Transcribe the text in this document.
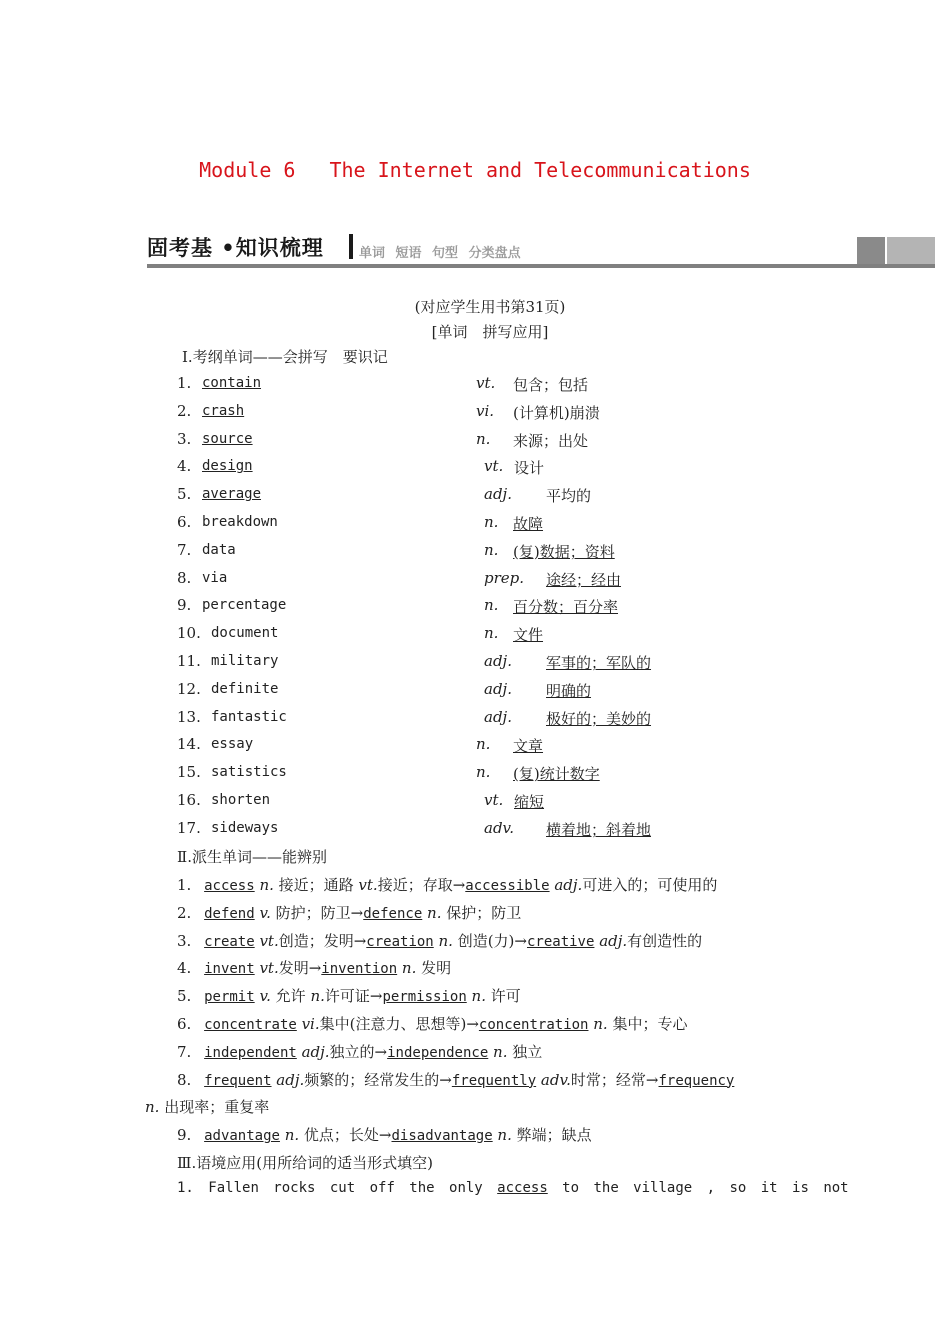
Module 6 The Internet and Telecommunications
固考基 •知识梳理	单词 短语 句型 分类盘点
(对应学生用书第31页)
[单词　拼写应用]
Ⅰ.考纲单词——会拼写　要识记
1. contain	vt. 包含；包括
2. crash	vi. (计算机)崩溃
3. source	n. 来源；出处
4. design	vt. 设计
5. average	adj. 平均的
6. breakdown	n. 故障
7. data	n. (复)数据；资料
8. via	prep. 途经；经由
9. percentage	n. 百分数；百分率
10. document	n. 文件
11. military	adj. 军事的；军队的
12. definite	adj. 明确的
13. fantastic	adj. 极好的；美妙的
14. essay	n. 文章
15. satistics	n. (复)统计数字
16. shorten	vt. 缩短
17. sideways	adv. 横着地；斜着地
Ⅱ.派生单词——能辨别
1. access n. 接近；通路 vt.接近；存取→accessible adj.可进入的；可使用的
2. defend v. 防护；防卫→defence n. 保护；防卫
3. create vt.创造；发明→creation n. 创造(力)→creative adj.有创造性的
4. invent vt.发明→invention n. 发明
5. permit v. 允许 n.许可证→permission n. 许可
6. concentrate vi.集中(注意力、思想等)→concentration n. 集中；专心
7. independent adj.独立的→independence n. 独立
8. frequent adj.频繁的；经常发生的→frequently adv.时常；经常→frequency
n. 出现率；重复率
9. advantage n. 优点；长处→disadvantage n. 弊端；缺点
Ⅲ.语境应用(用所给词的适当形式填空)
1. Fallen rocks cut off the only access to the village , so it is not
